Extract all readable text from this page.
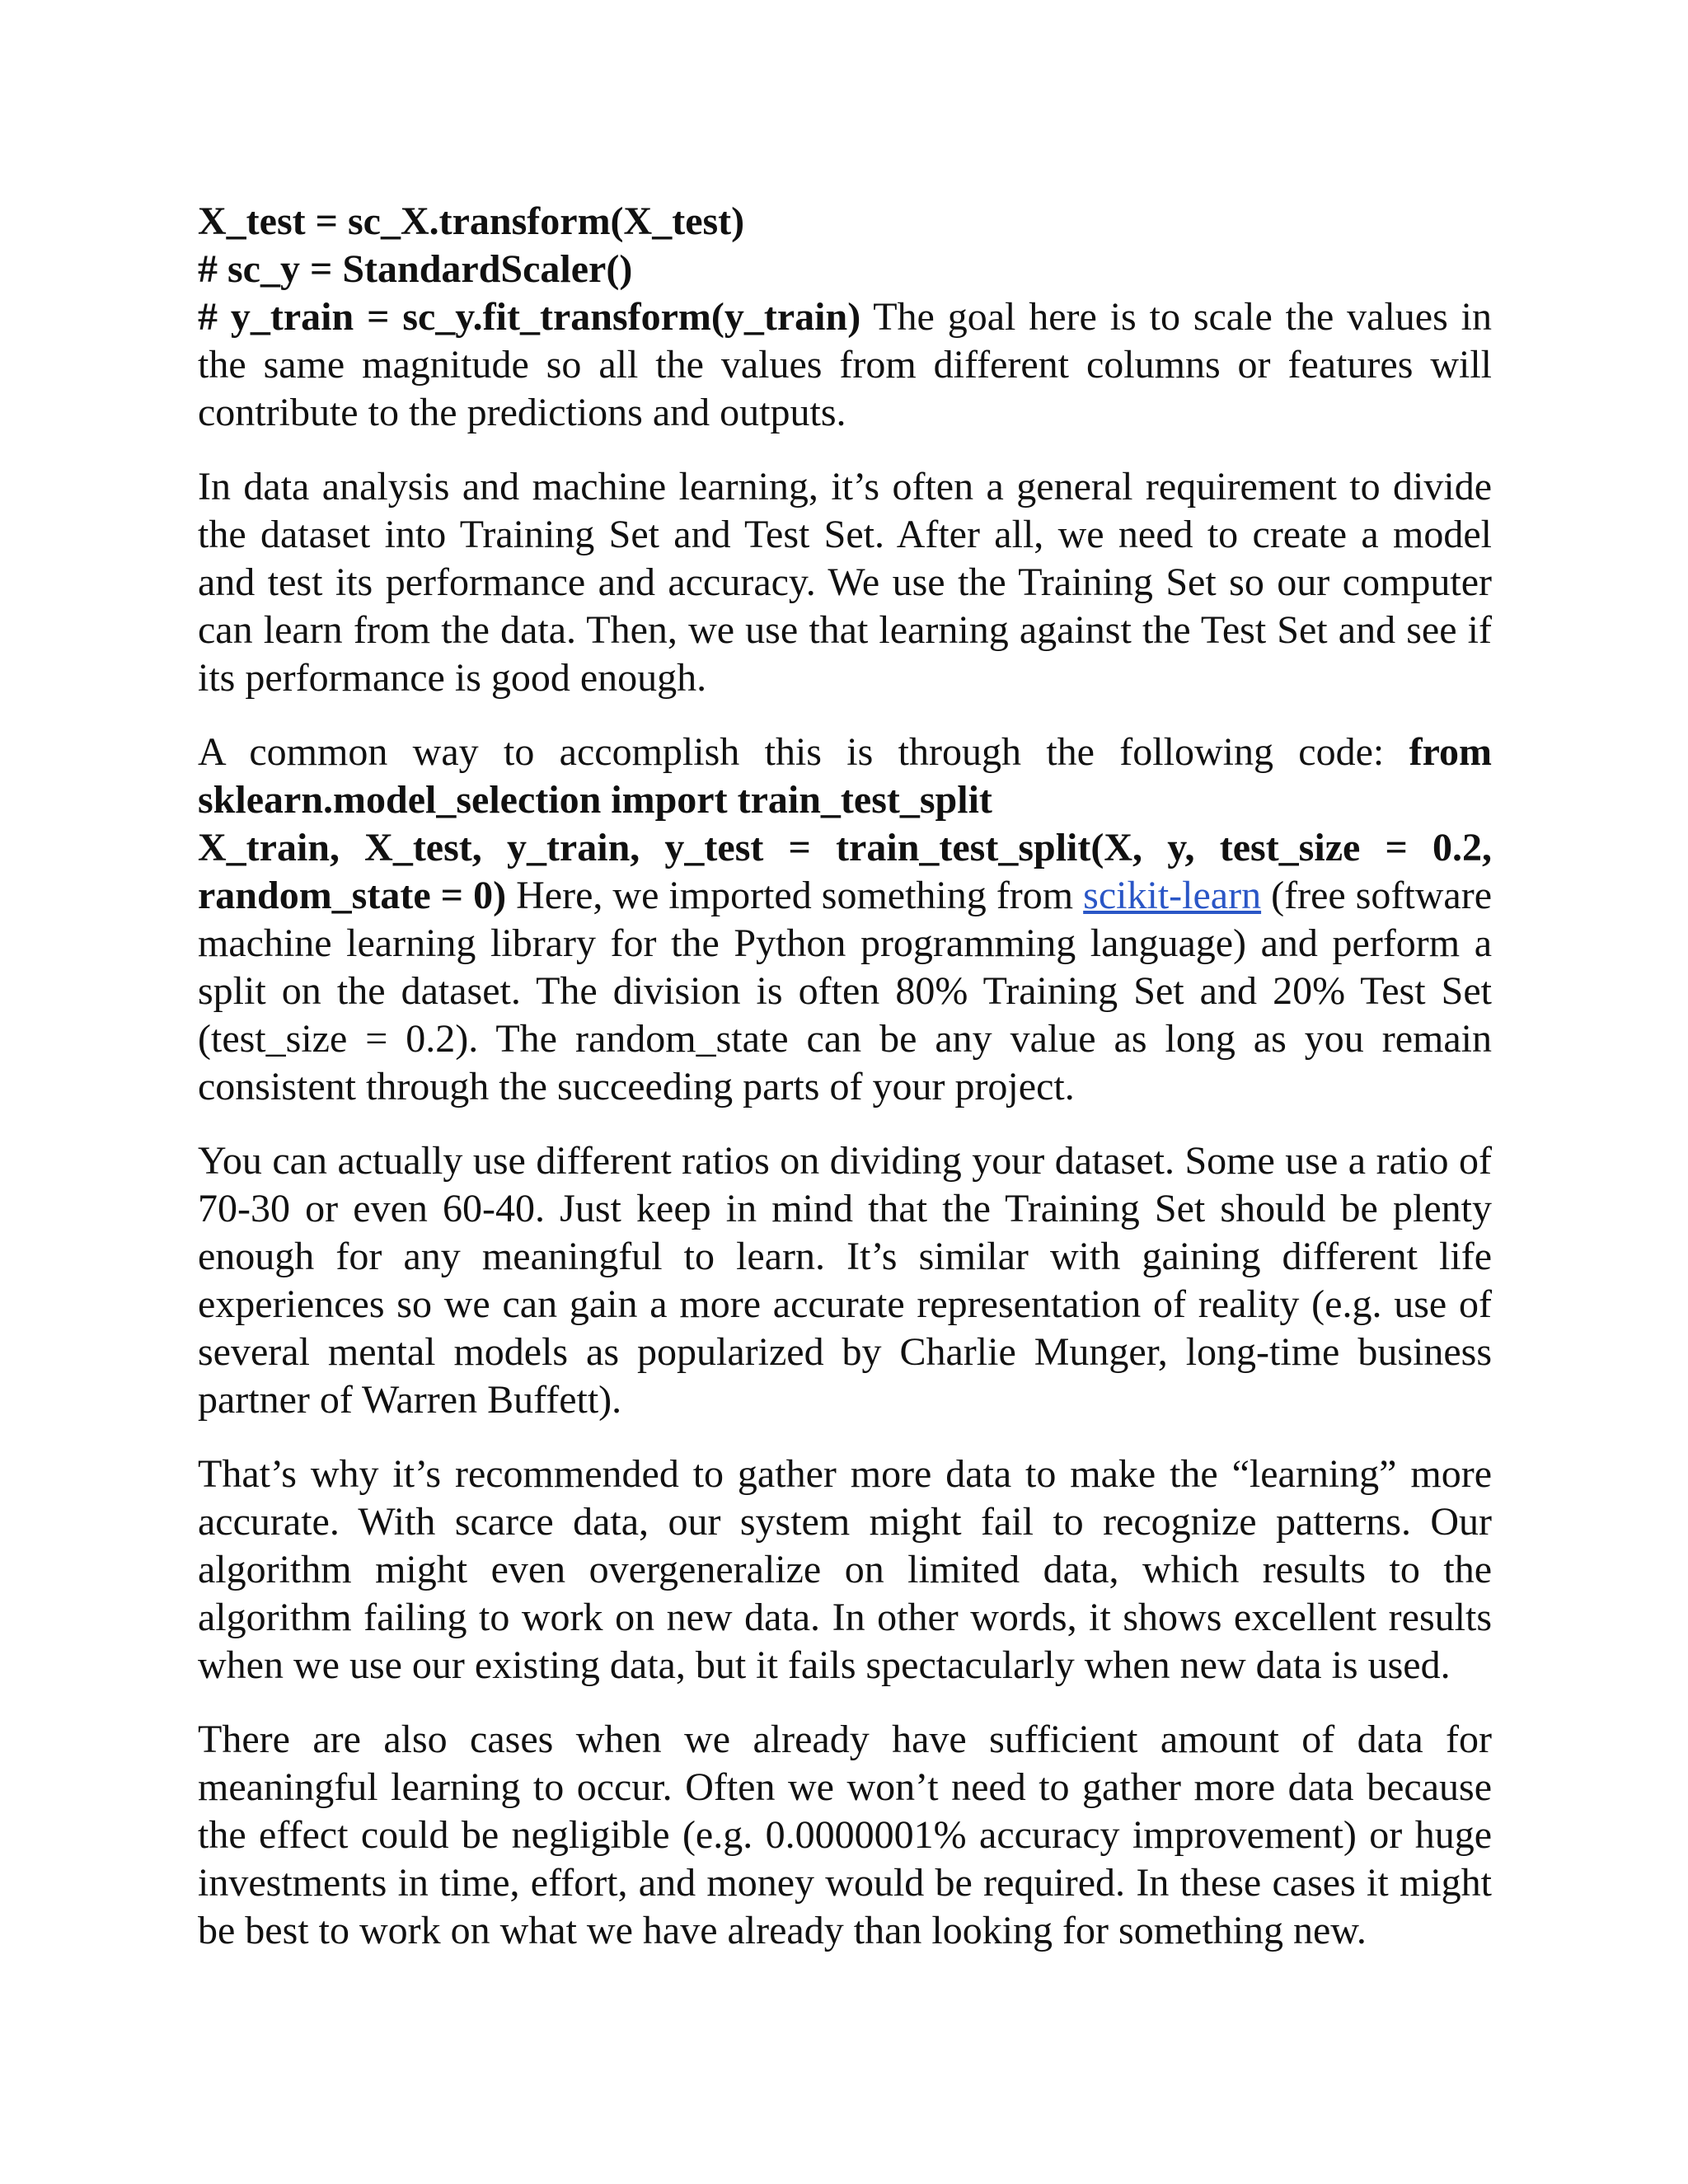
X_test = sc_X.transform(X_test)
# sc_y = StandardScaler()
# y_train = sc_y.fit_transform(y_train) The goal here is to scale the values in the same magnitude so all the values from different columns or features will contribute to the predictions and outputs.

In data analysis and machine learning, it’s often a general requirement to divide the dataset into Training Set and Test Set. After all, we need to create a model and test its performance and accuracy. We use the Training Set so our computer can learn from the data. Then, we use that learning against the Test Set and see if its performance is good enough.

A common way to accomplish this is through the following code: from sklearn.model_selection import train_test_split
X_train, X_test, y_train, y_test = train_test_split(X, y, test_size = 0.2, random_state = 0) Here, we imported something from scikit-learn (free software machine learning library for the Python programming language) and perform a split on the dataset. The division is often 80% Training Set and 20% Test Set (test_size = 0.2). The random_state can be any value as long as you remain consistent through the succeeding parts of your project.

You can actually use different ratios on dividing your dataset. Some use a ratio of 70-30 or even 60-40. Just keep in mind that the Training Set should be plenty enough for any meaningful to learn. It’s similar with gaining different life experiences so we can gain a more accurate representation of reality (e.g. use of several mental models as popularized by Charlie Munger, long-time business partner of Warren Buffett).

That’s why it’s recommended to gather more data to make the “learning” more accurate. With scarce data, our system might fail to recognize patterns. Our algorithm might even overgeneralize on limited data, which results to the algorithm failing to work on new data. In other words, it shows excellent results when we use our existing data, but it fails spectacularly when new data is used.

There are also cases when we already have sufficient amount of data for meaningful learning to occur. Often we won’t need to gather more data because the effect could be negligible (e.g. 0.0000001% accuracy improvement) or huge investments in time, effort, and money would be required. In these cases it might be best to work on what we have already than looking for something new.
